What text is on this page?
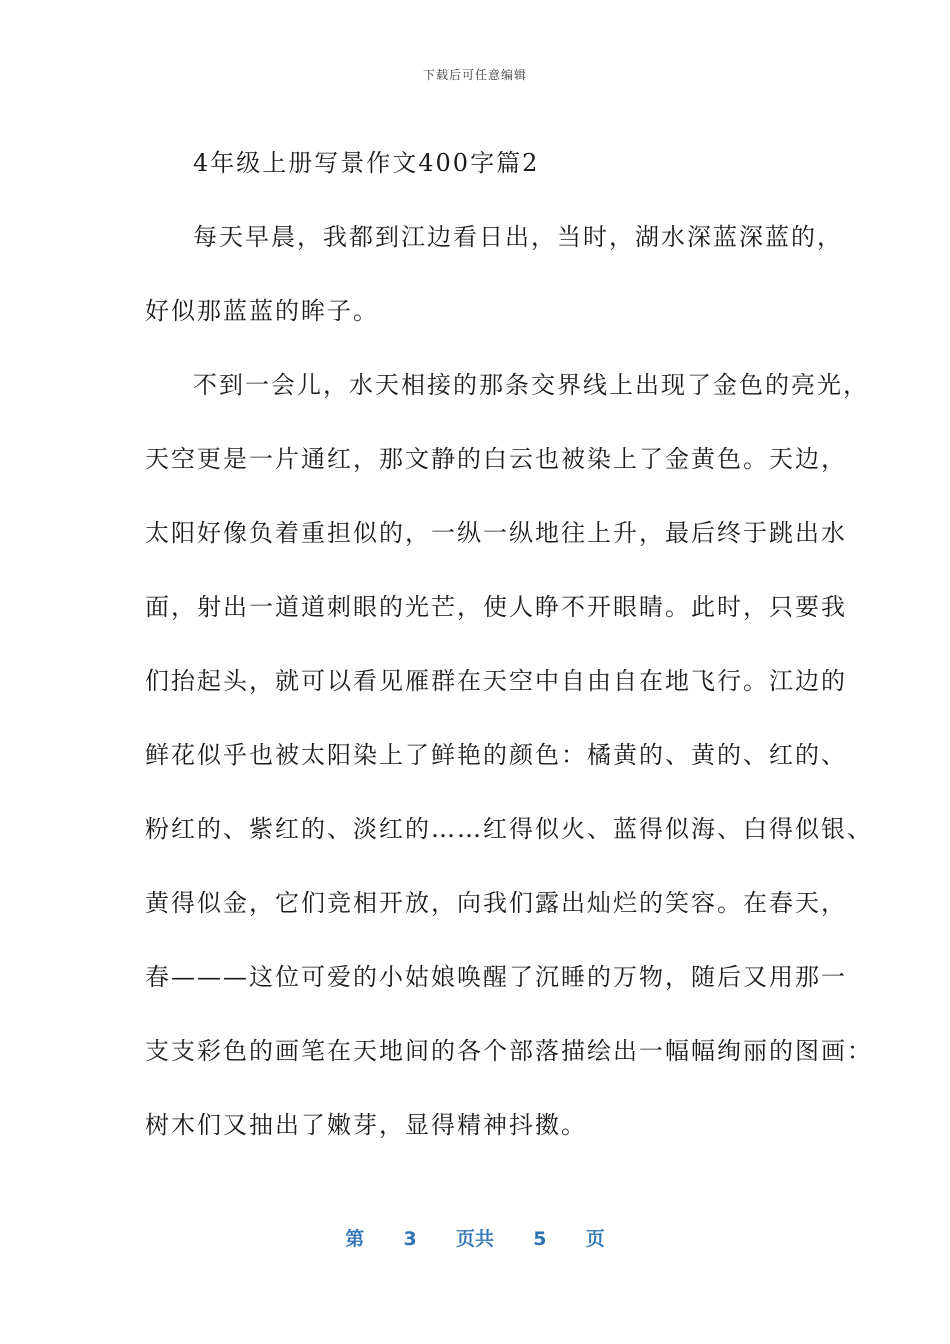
下载后可任意编辑
4年级上册写景作文400字篇2
每天早晨，我都到江边看日出，当时，湖水深蓝深蓝的，
好似那蓝蓝的眸子。
不到一会儿，水天相接的那条交界线上出现了金色的亮光，
天空更是一片通红，那文静的白云也被染上了金黄色。天边，
太阳好像负着重担似的，一纵一纵地往上升，最后终于跳出水
面，射出一道道刺眼的光芒，使人睁不开眼睛。此时，只要我
们抬起头，就可以看见雁群在天空中自由自在地飞行。江边的
鲜花似乎也被太阳染上了鲜艳的颜色：橘黄的、黄的、红的、
粉红的、紫红的、淡红的……红得似火、蓝得似海、白得似银、
黄得似金，它们竞相开放，向我们露出灿烂的笑容。在春天，
春———这位可爱的小姑娘唤醒了沉睡的万物，随后又用那一
支支彩色的画笔在天地间的各个部落描绘出一幅幅绚丽的图画：
树木们又抽出了嫩芽，显得精神抖擞。
第 3 页共 5 页
